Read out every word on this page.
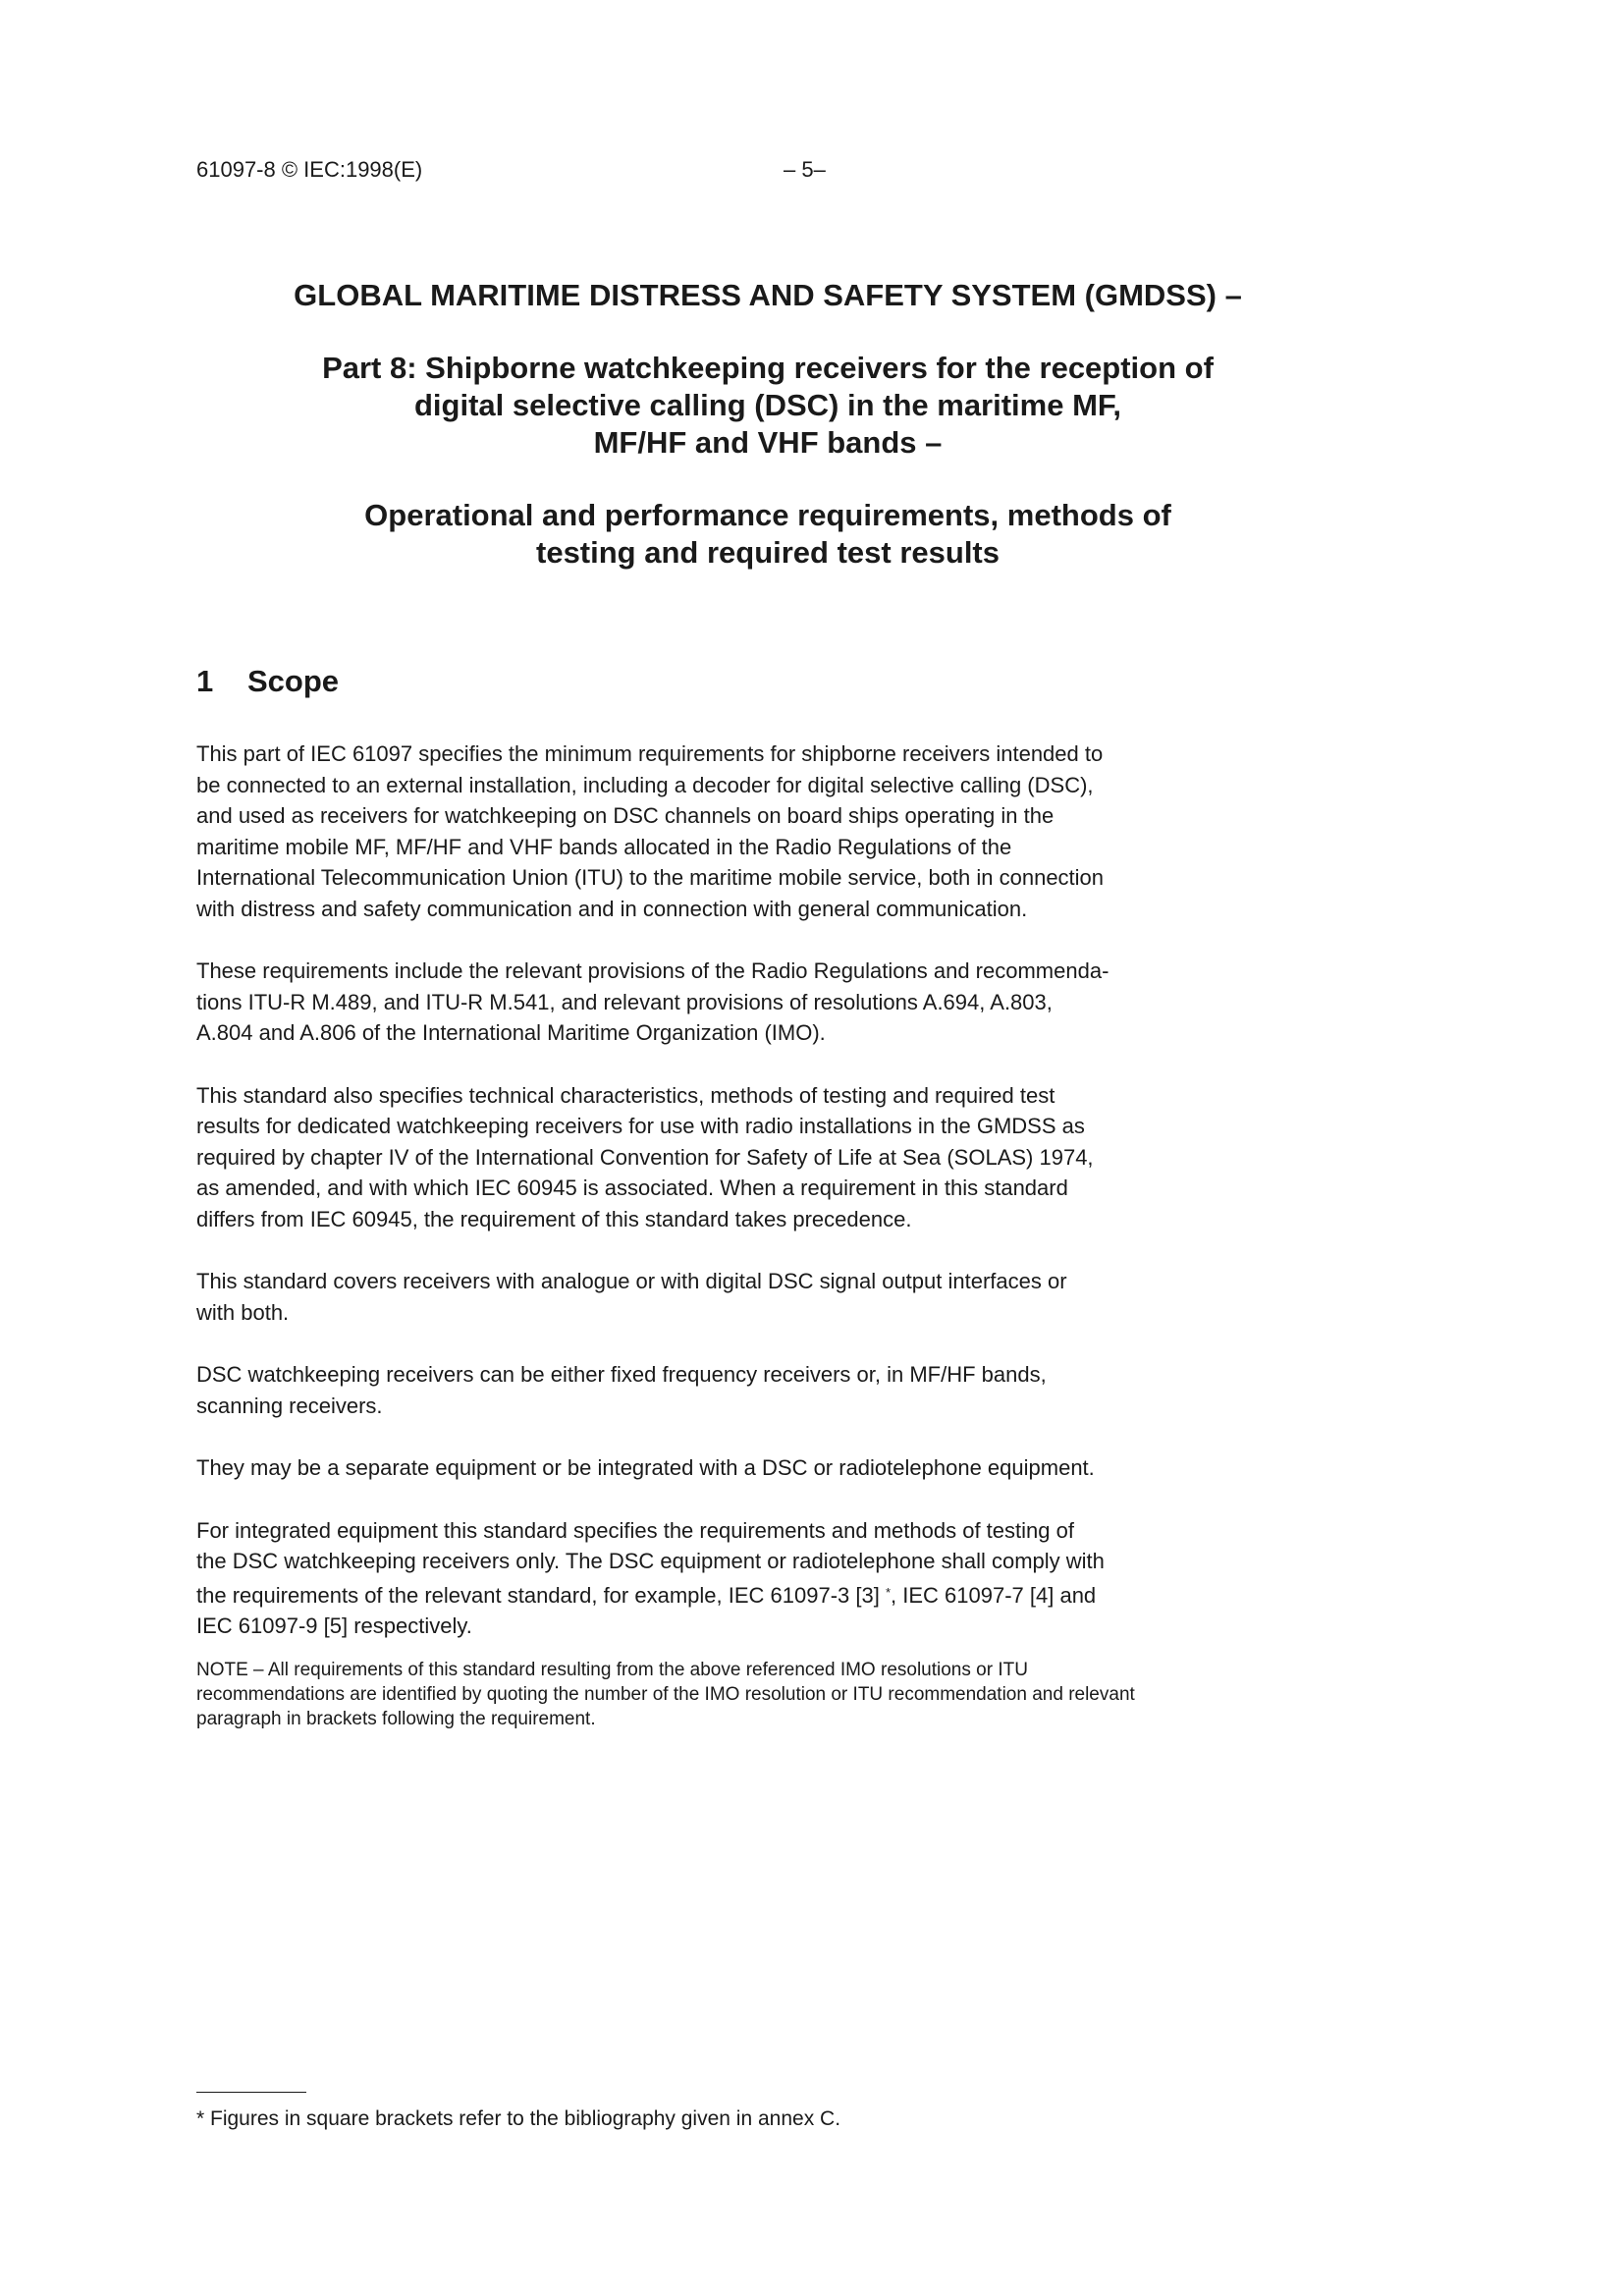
61097-8 © IEC:1998(E)	– 5–

GLOBAL MARITIME DISTRESS AND SAFETY SYSTEM (GMDSS) –

Part 8: Shipborne watchkeeping receivers for the reception of
digital selective calling (DSC) in the maritime MF,
MF/HF and VHF bands –

Operational and performance requirements, methods of
testing and required test results

1	Scope

This part of IEC 61097 specifies the minimum requirements for shipborne receivers intended to
be connected to an external installation, including a decoder for digital selective calling (DSC),
and used as receivers for watchkeeping on DSC channels on board ships operating in the
maritime mobile MF, MF/HF and VHF bands allocated in the Radio Regulations of the
International Telecommunication Union (ITU) to the maritime mobile service, both in connection
with distress and safety communication and in connection with general communication.

These requirements include the relevant provisions of the Radio Regulations and recommenda-
tions ITU-R M.489, and ITU-R M.541, and relevant provisions of resolutions A.694, A.803,
A.804 and A.806 of the International Maritime Organization (IMO).

This standard also specifies technical characteristics, methods of testing and required test
results for dedicated watchkeeping receivers for use with radio installations in the GMDSS as
required by chapter IV of the International Convention for Safety of Life at Sea (SOLAS) 1974,
as amended, and with which IEC 60945 is associated. When a requirement in this standard
differs from IEC 60945, the requirement of this standard takes precedence.

This standard covers receivers with analogue or with digital DSC signal output interfaces or
with both.

DSC watchkeeping receivers can be either fixed frequency receivers or, in MF/HF bands,
scanning receivers.

They may be a separate equipment or be integrated with a DSC or radiotelephone equipment.

For integrated equipment this standard specifies the requirements and methods of testing of
the DSC watchkeeping receivers only. The DSC equipment or radiotelephone shall comply with
the requirements of the relevant standard, for example, IEC 61097-3 [3] *, IEC 61097-7 [4] and
IEC 61097-9 [5] respectively.

NOTE – All requirements of this standard resulting from the above referenced IMO resolutions or ITU
recommendations are identified by quoting the number of the IMO resolution or ITU recommendation and relevant
paragraph in brackets following the requirement.

* Figures in square brackets refer to the bibliography given in annex C.
